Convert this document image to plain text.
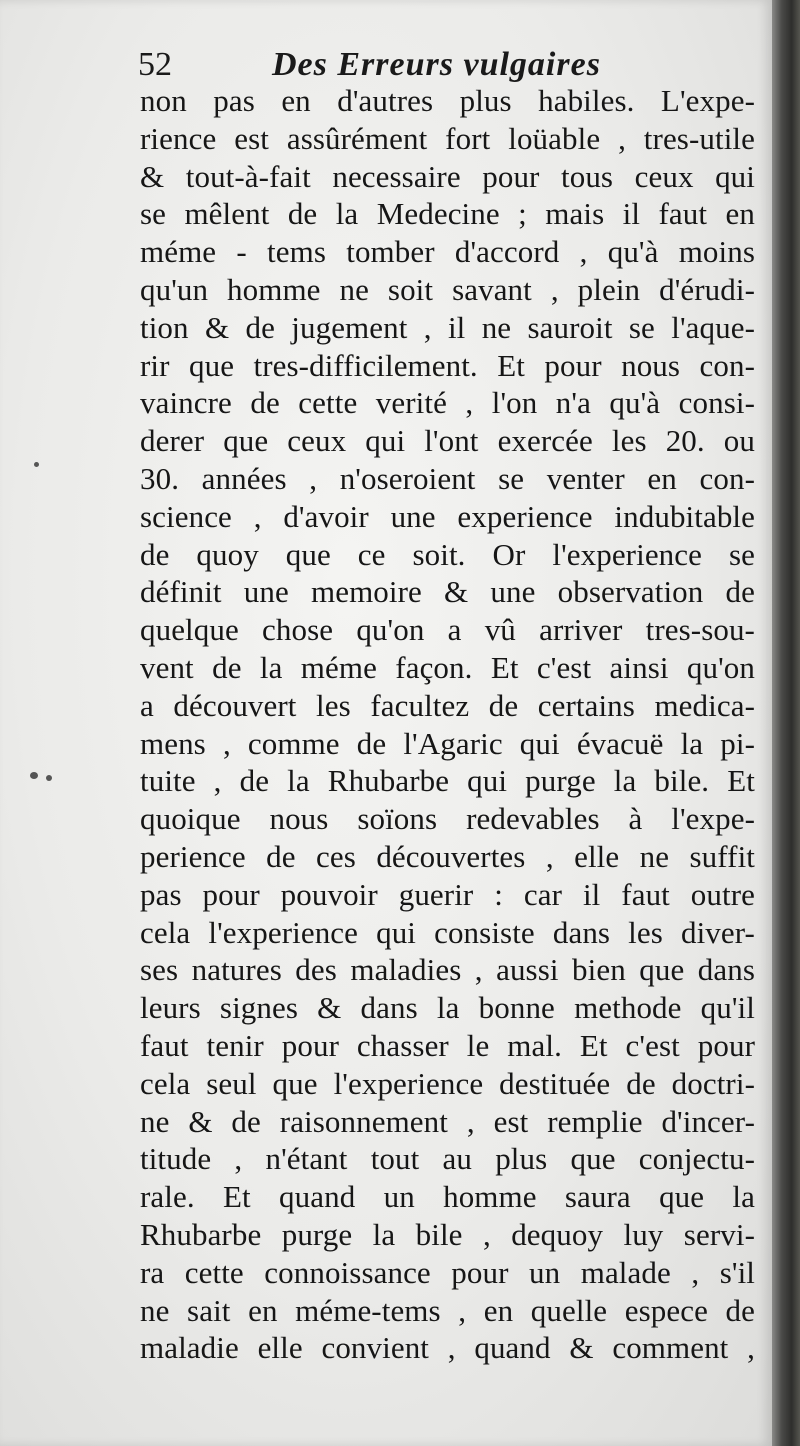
52	Des Erreurs vulgaires
non pas en d'autres plus habiles. L'expe-
rience est assûrément fort loüable , tres-utile
& tout-à-fait necessaire pour tous ceux qui
se mêlent de la Medecine ; mais il faut en
méme - tems tomber d'accord , qu'à moins
qu'un homme ne soit savant , plein d'érudi-
tion & de jugement , il ne sauroit se l'aque-
rir que tres-difficilement. Et pour nous con-
vaincre de cette verité , l'on n'a qu'à consi-
derer que ceux qui l'ont exercée les 20. ou
30. années , n'oseroient se venter en con-
science , d'avoir une experience indubitable
de quoy que ce soit. Or l'experience se
définit une memoire & une observation de
quelque chose qu'on a vû arriver tres-sou-
vent de la méme façon. Et c'est ainsi qu'on
a découvert les facultez de certains medica-
mens , comme de l'Agaric qui évacuë la pi-
tuite , de la Rhubarbe qui purge la bile. Et
quoique nous soïons redevables à l'expe-
perience de ces découvertes , elle ne suffit
pas pour pouvoir guerir : car il faut outre
cela l'experience qui consiste dans les diver-
ses natures des maladies , aussi bien que dans
leurs signes & dans la bonne methode qu'il
faut tenir pour chasser le mal. Et c'est pour
cela seul que l'experience destituée de doctri-
ne & de raisonnement , est remplie d'incer-
titude , n'étant tout au plus que conjectu-
rale. Et quand un homme saura que la
Rhubarbe purge la bile , dequoy luy servi-
ra cette connoissance pour un malade , s'il
ne sait en méme-tems , en quelle espece de
maladie elle convient , quand & comment ,
